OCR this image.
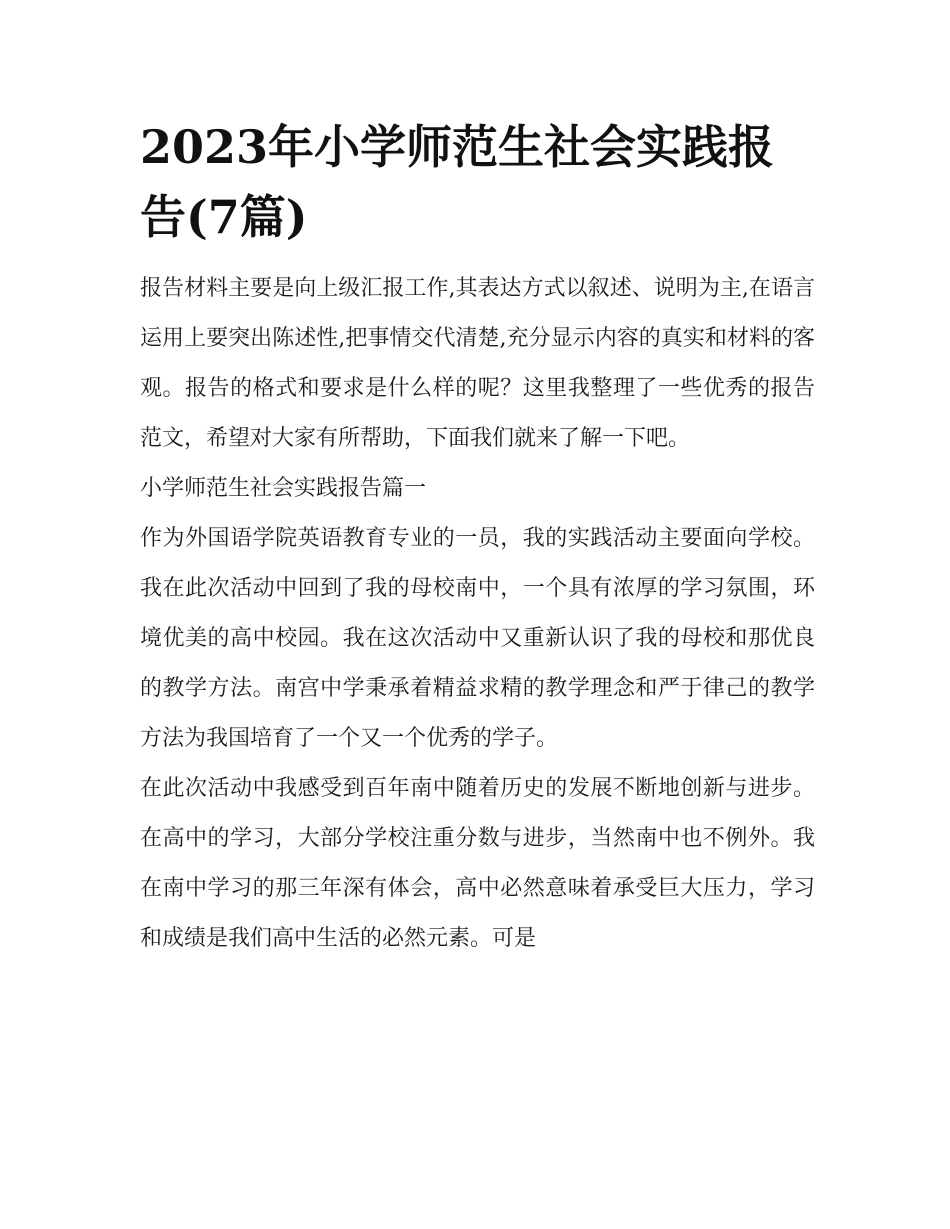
2023年小学师范生社会实践报告(7篇)

报告材料主要是向上级汇报工作,其表达方式以叙述、说明为主,在语言运用上要突出陈述性,把事情交代清楚,充分显示内容的真实和材料的客观。报告的格式和要求是什么样的呢？这里我整理了一些优秀的报告范文，希望对大家有所帮助，下面我们就来了解一下吧。

小学师范生社会实践报告篇一

作为外国语学院英语教育专业的一员，我的实践活动主要面向学校。我在此次活动中回到了我的母校南中，一个具有浓厚的学习氛围，环境优美的高中校园。我在这次活动中又重新认识了我的母校和那优良的教学方法。南宫中学秉承着精益求精的教学理念和严于律己的教学方法为我国培育了一个又一个优秀的学子。

在此次活动中我感受到百年南中随着历史的发展不断地创新与进步。在高中的学习，大部分学校注重分数与进步，当然南中也不例外。我在南中学习的那三年深有体会，高中必然意味着承受巨大压力，学习和成绩是我们高中生活的必然元素。可是
